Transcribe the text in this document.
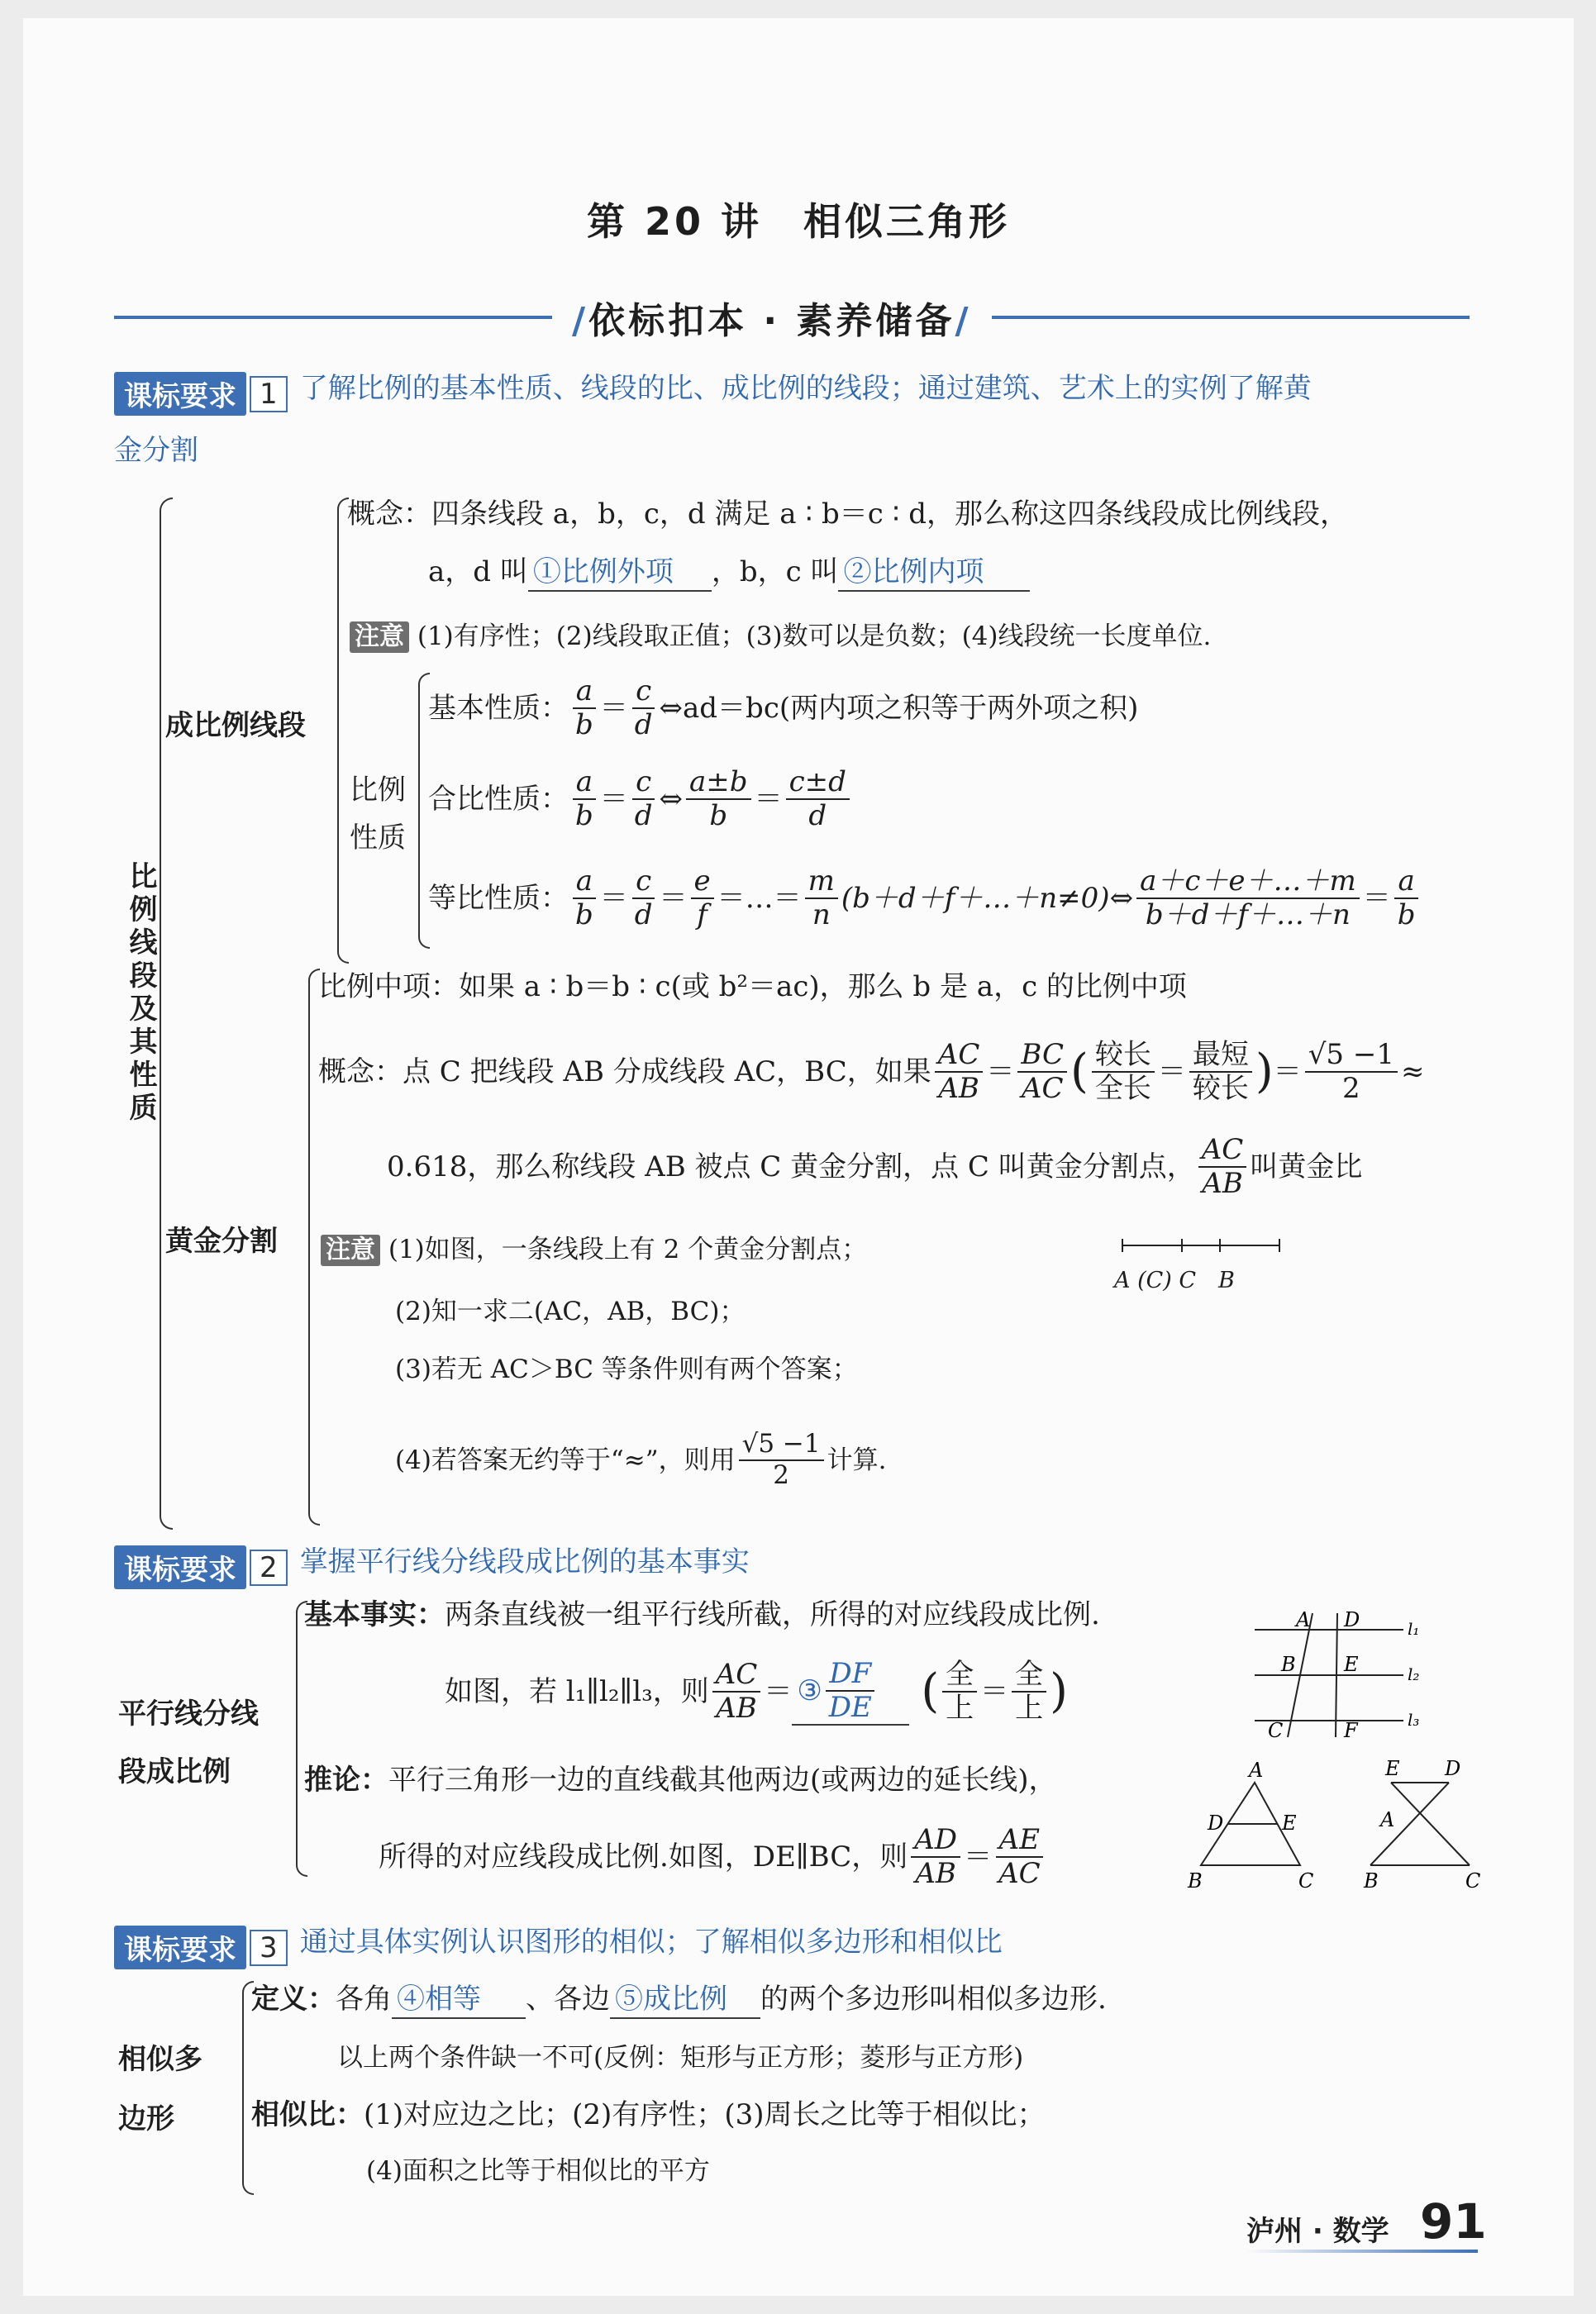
第 20 讲　相似三角形
/依标扣本 · 素养储备/
课标要求 1 了解比例的基本性质、线段的比、成比例的线段；通过建筑、艺术上的实例了解黄
金分割
比例线段及其性质
成比例线段
概念：四条线段 a，b，c，d 满足 a ∶ b＝c ∶ d，那么称这四条线段成比例线段，
a，d 叫 ①比例外项 ，b，c 叫 ②比例内项
注意 (1)有序性；(2)线段取正值；(3)数可以是负数；(4)线段统一长度单位.
比例
性质
基本性质： $\frac{a}{b} = \frac{c}{d}$ ⇔ad＝bc(两内项之积等于两外项之积)
合比性质： $\frac{a}{b} = \frac{c}{d}$ ⇔ $\frac{a\pm b}{b} = \frac{c\pm d}{d}$
等比性质： $\frac{a}{b} = \frac{c}{d} = \frac{e}{f}$ ＝…＝ $\frac{m}{n}$ (b＋d＋f＋…＋n≠0)⇔ $\frac{a+c+e+\dots+m}{b+d+f+\dots+n} = \frac{a}{b}$
黄金分割
比例中项：如果 a ∶ b＝b ∶ c(或 b²＝ac)，那么 b 是 a，c 的比例中项
概念：点 C 把线段 AB 分成线段 AC，BC，如果 $\frac{AC}{AB} = \frac{BC}{AC}$ ( $\frac{\text{较长}}{\text{全长}} = \frac{\text{最短}}{\text{较长}}$ ) ＝ $\frac{√5 -1}{2}$ ≈
0.618，那么称线段 AB 被点 C 黄金分割，点 C 叫黄金分割点， $\frac{AC}{AB}$ 叫黄金比
注意 (1)如图，一条线段上有 2 个黄金分割点；
A (C) C　B
(2)知一求二(AC，AB，BC)；
(3)若无 AC＞BC 等条件则有两个答案；
(4)若答案无约等于“≈”，则用 $\frac{√5 -1}{2}$ 计算.
课标要求 2 掌握平行线分线段成比例的基本事实
平行线分线
段成比例
基本事实：两条直线被一组平行线所截，所得的对应线段成比例.
如图，若 l₁∥l₂∥l₃，则 $\frac{AC}{AB}$ ＝ ③ $\frac{DF}{DE}$ ( $\frac{\text{全}}{\text{上}} = \frac{\text{全}}{\text{上}}$ )
A D
B E
C	F
l₁
l₂
l₃
推论：平行三角形一边的直线截其他两边(或两边的延长线)，
所得的对应线段成比例.如图，DE∥BC，则 $\frac{AD}{AB} = \frac{AE}{AC}$
A
D	E
B	C
E D
A
B	C
课标要求 3 通过具体实例认识图形的相似；了解相似多边形和相似比
相似多
边形
定义：各角 ④相等 、各边 ⑤成比例 的两个多边形叫相似多边形.
以上两个条件缺一不可(反例：矩形与正方形；菱形与正方形)
相似比：(1)对应边之比；(2)有序性；(3)周长之比等于相似比；
(4)面积之比等于相似比的平方
泸州 · 数学 91
